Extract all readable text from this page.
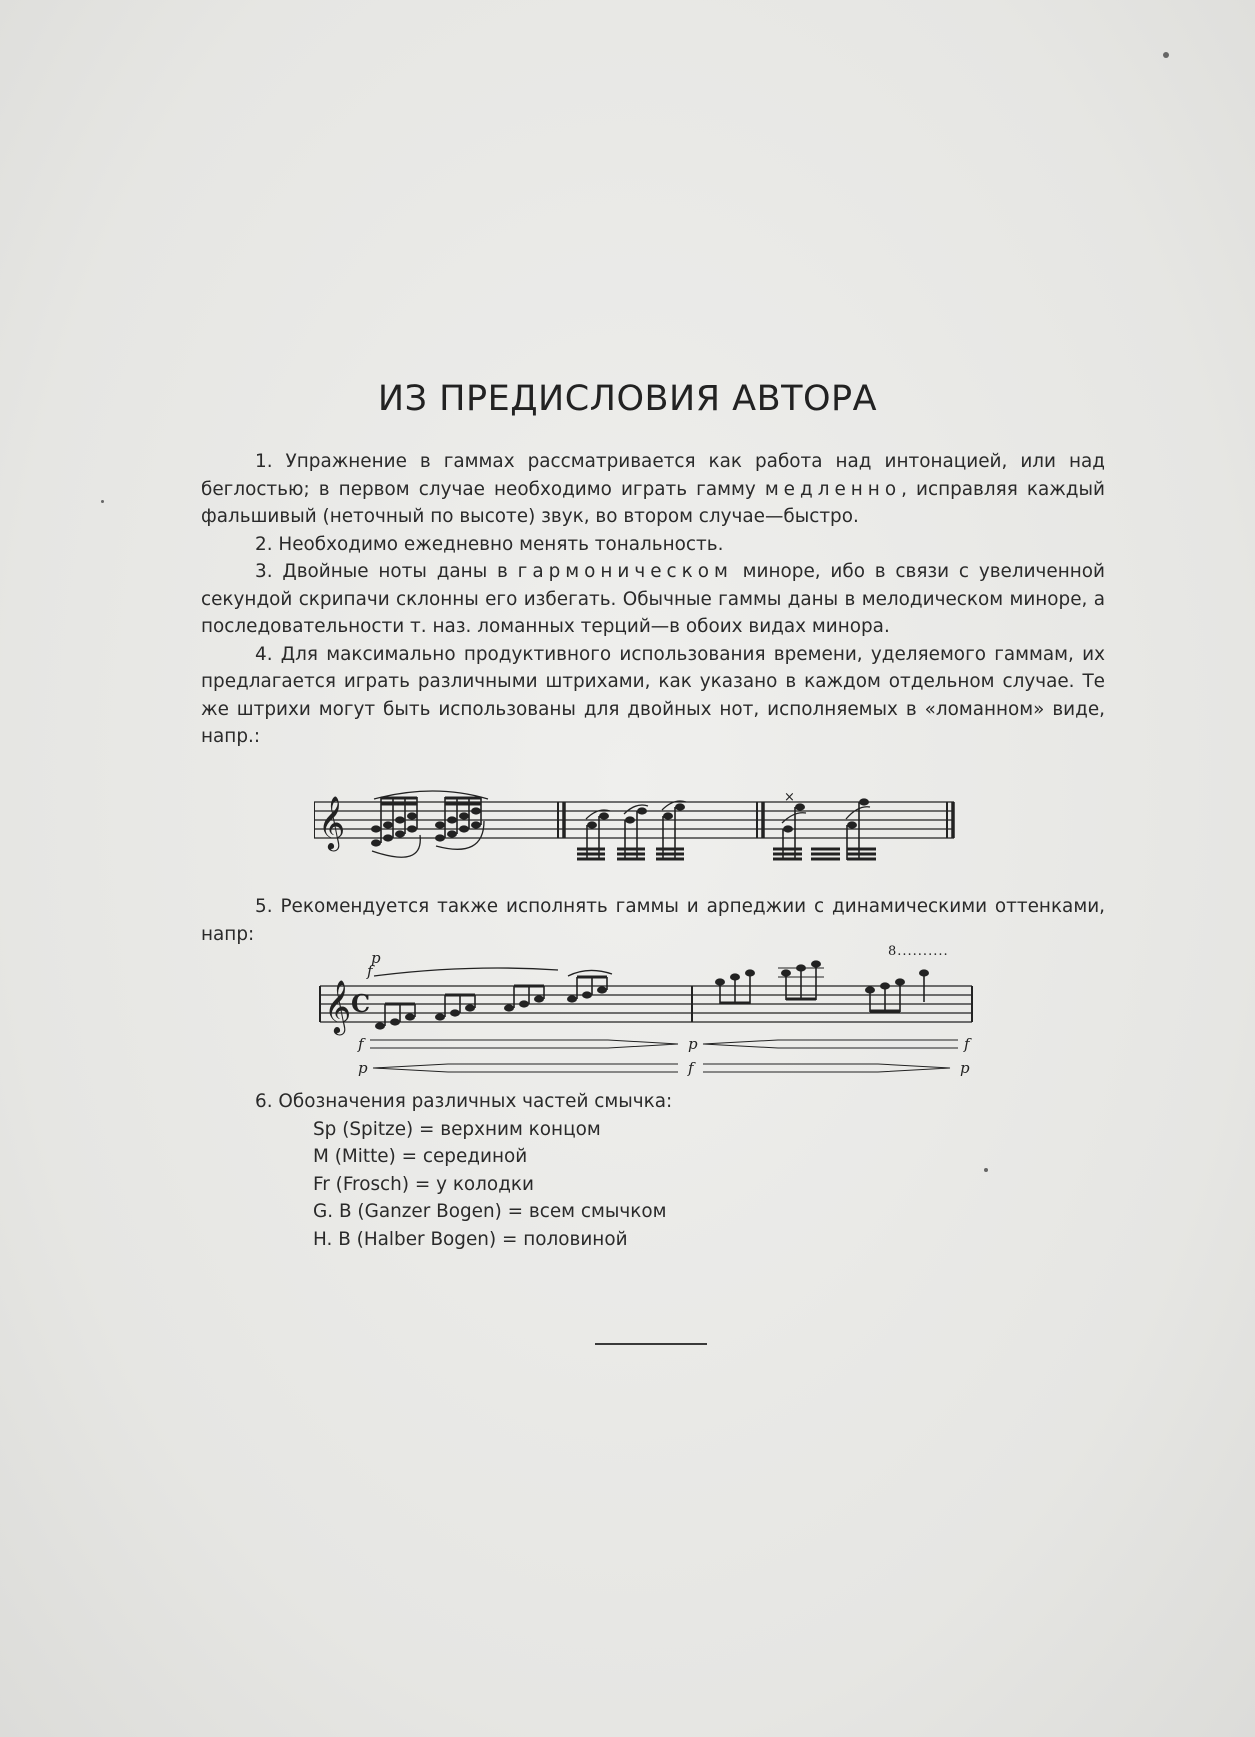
ИЗ ПРЕДИСЛОВИЯ АВТОРА

1. Упражнение в гаммах рассматривается как работа над интонацией, или над беглостью; в первом случае необходимо играть гамму медленно, исправляя каждый фальшивый (неточный по высоте) звук, во втором случае—быстро.

2. Необходимо ежедневно менять тональность.

3. Двойные ноты даны в гармоническом миноре, ибо в связи с увеличенной секундой скрипачи склонны его избегать. Обычные гаммы даны в мелодическом миноре, а последовательности т. наз. ломанных терций—в обоих видах минора.

4. Для максимально продуктивного использования времени, уделяемого гаммам, их предлагается играть различными штрихами, как указано в каждом отдельном случае. Те же штрихи могут быть использованы для двойных нот, исполняемых в «ломанном» виде, напр.:

𝄞	×

5. Рекомендуется также исполнять гаммы и арпеджии с динамическими оттенками, напр:

p
f
8..........
𝄞 C
f	p	f
p	f	p
6. Обозначения различных частей смычка:
Sp (Spitze) = верхним концом
M (Mitte) = серединой
Fr (Frosch) = у колодки
G. B (Ganzer Bogen) = всем смычком
H. B (Halber Bogen) = половиной
